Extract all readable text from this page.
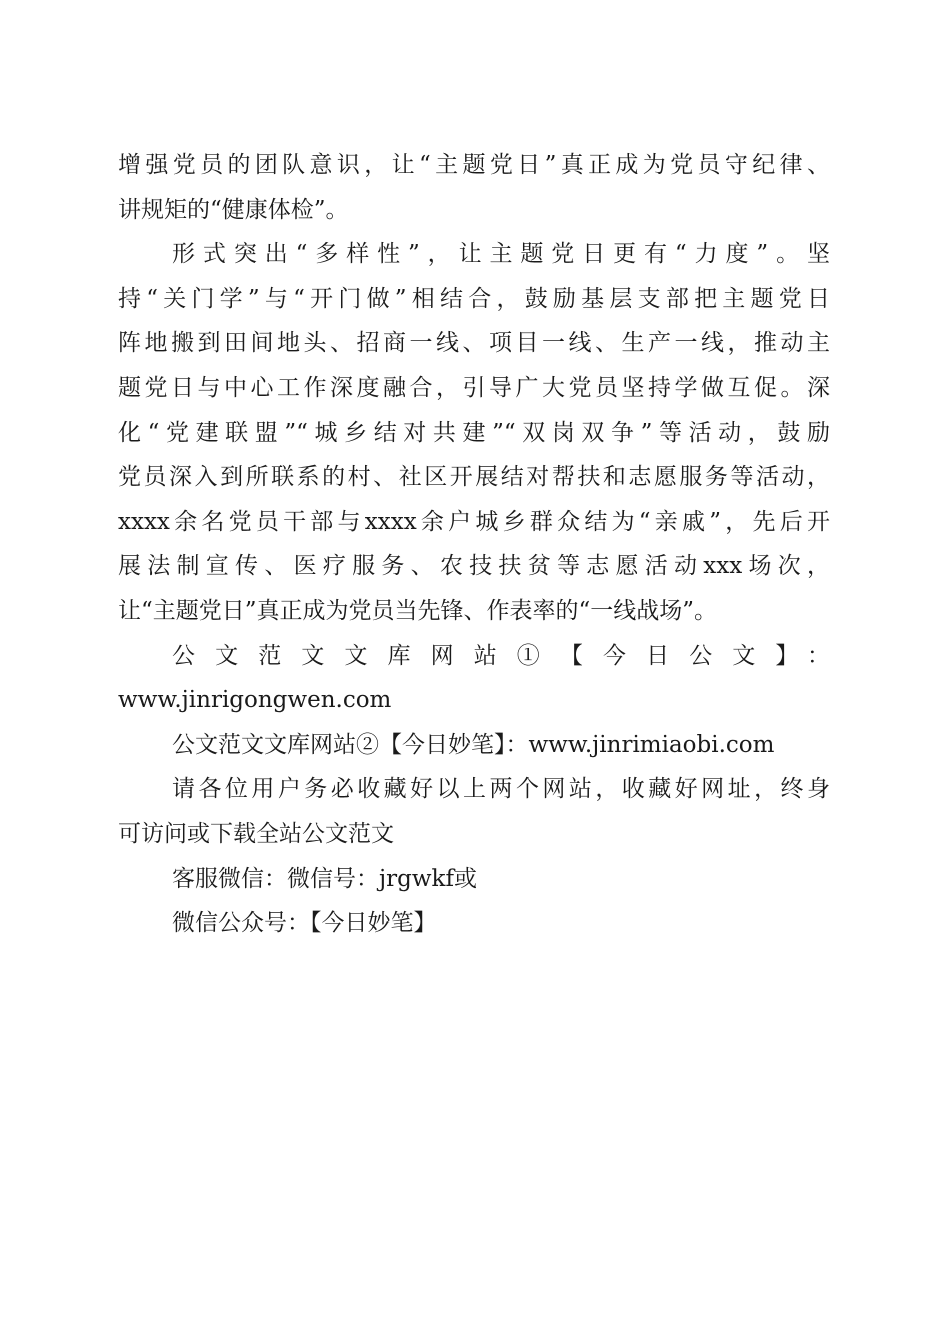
增强党员的团队意识，让“主题党日”真正成为党员守纪律、
讲规矩的“健康体检”。

形式突出“多样性”，让主题党日更有“力度”。坚
持“关门学”与“开门做”相结合，鼓励基层支部把主题党日
阵地搬到田间地头、招商一线、项目一线、生产一线，推动主
题党日与中心工作深度融合，引导广大党员坚持学做互促。深
化“党建联盟”“城乡结对共建”“双岗双争”等活动，鼓励
党员深入到所联系的村、社区开展结对帮扶和志愿服务等活动，
xxxx余名党员干部与xxxx余户城乡群众结为“亲戚”，先后开
展法制宣传、医疗服务、农技扶贫等志愿活动xxx场次，
让“主题党日”真正成为党员当先锋、作表率的“一线战场”。

公文范文文库网站①【今日公文】：
www.jinrigongwen.com

公文范文文库网站②【今日妙笔】：www.jinrimiaobi.com

请各位用户务必收藏好以上两个网站，收藏好网址，终身
可访问或下载全站公文范文

客服微信：微信号：jrgwkf或

微信公众号：【今日妙笔】
